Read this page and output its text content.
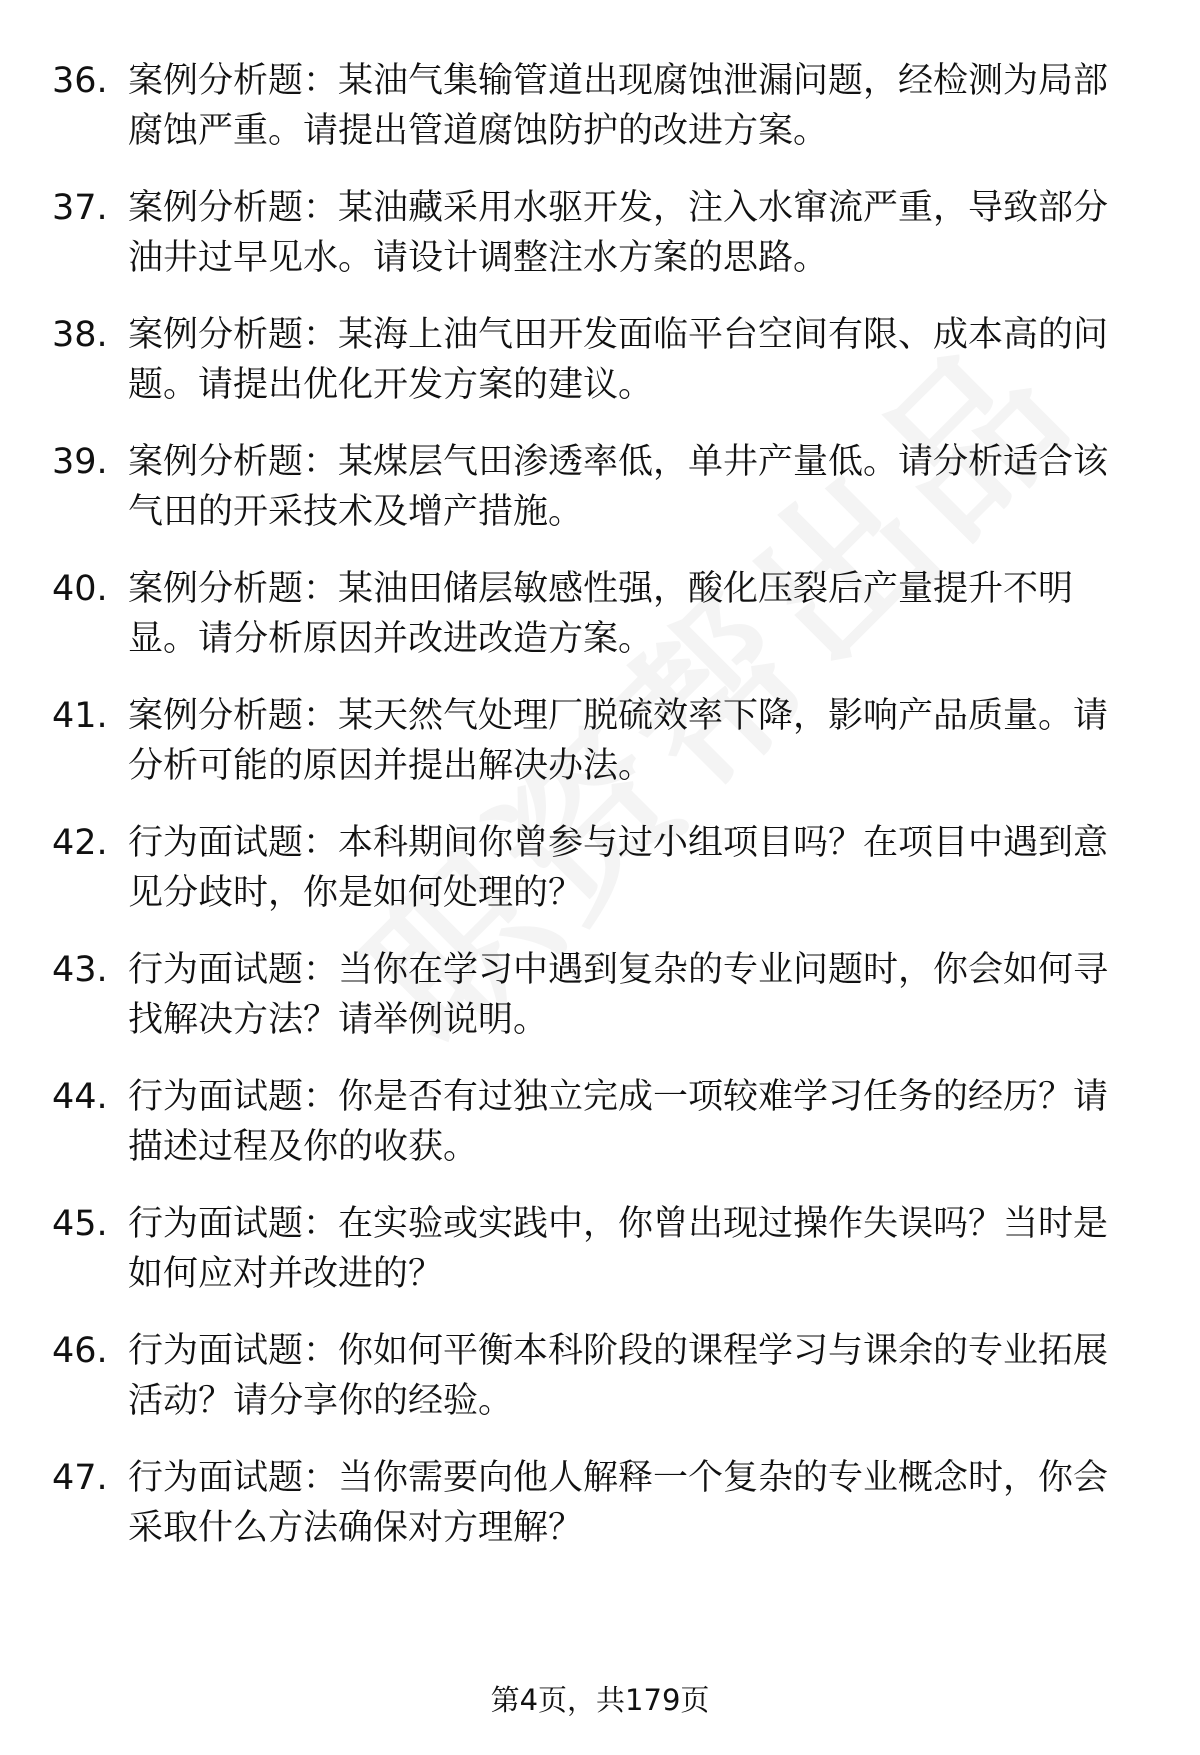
36. 案例分析题：某油气集输管道出现腐蚀泄漏问题，经检测为局部腐蚀严重。请提出管道腐蚀防护的改进方案。
37. 案例分析题：某油藏采用水驱开发，注入水窜流严重，导致部分油井过早见水。请设计调整注水方案的思路。
38. 案例分析题：某海上油气田开发面临平台空间有限、成本高的问题。请提出优化开发方案的建议。
39. 案例分析题：某煤层气田渗透率低，单井产量低。请分析适合该气田的开采技术及增产措施。
40. 案例分析题：某油田储层敏感性强，酸化压裂后产量提升不明显。请分析原因并改进改造方案。
41. 案例分析题：某天然气处理厂脱硫效率下降，影响产品质量。请分析可能的原因并提出解决办法。
42. 行为面试题：本科期间你曾参与过小组项目吗？在项目中遇到意见分歧时，你是如何处理的？
43. 行为面试题：当你在学习中遇到复杂的专业问题时，你会如何寻找解决方法？请举例说明。
44. 行为面试题：你是否有过独立完成一项较难学习任务的经历？请描述过程及你的收获。
45. 行为面试题：在实验或实践中，你曾出现过操作失误吗？当时是如何应对并改进的？
46. 行为面试题：你如何平衡本科阶段的课程学习与课余的专业拓展活动？请分享你的经验。
47. 行为面试题：当你需要向他人解释一个复杂的专业概念时，你会采取什么方法确保对方理解？
第4页，共179页
